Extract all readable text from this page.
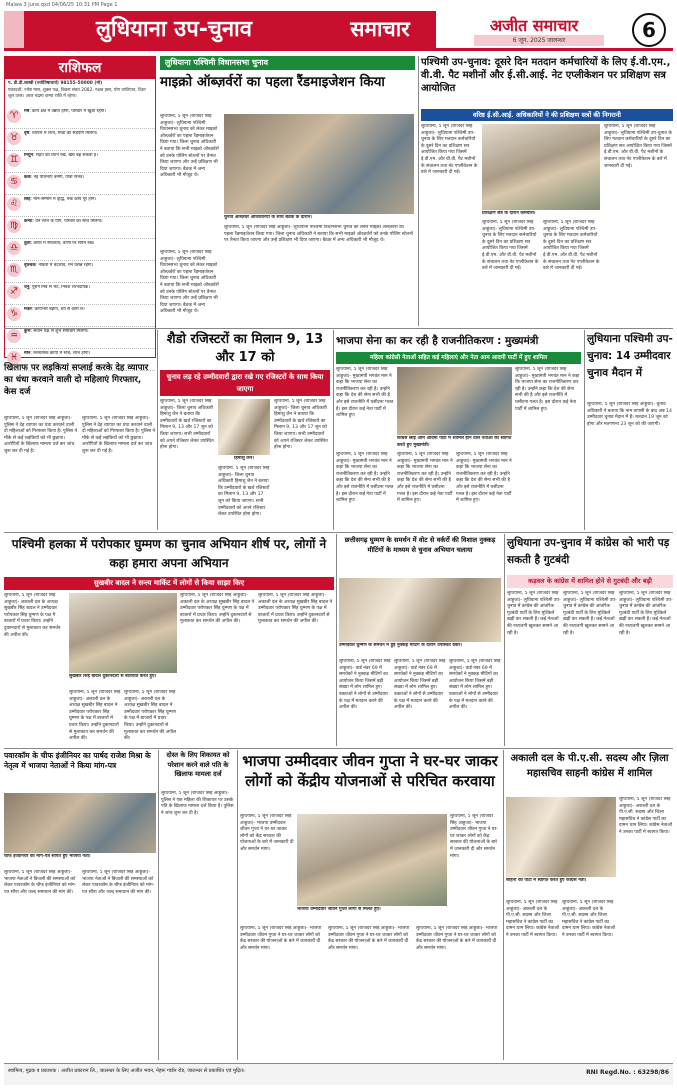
Malwa 3 June.qxd 04/06/25 10:31 PM Page 1
लुधियाना उप-चुनाव	समाचार	अजीत समाचार
6 जून, 2025 जालन्धर	6
राशिफल
प. डी.डी.शास्त्री (ज्योतिषाचार्य) 98155-50000 (मो)
एकादशी, ज्येष्ठ मास, शुक्ल पक्ष, विक्रम संवत 2082, नक्षत्र हस्त, योग व्यतिपात, दिशा शूल उत्तर। आज चंद्रमा कन्या राशि में रहेगा।
♈	मेष: कार्य क्षेत्र में उन्नति होगी, परिवार में खुशी रहेगी।
♉	वृष: व्यापार में लाभ, मित्रों का सहयोग मिलेगा।
♊	मिथुन: सेहत का ध्यान रखें, खर्च बढ़ सकता है।
♋	कर्क: नई योजनाएं बनेंगी, यात्रा संभव।
♌	सिंह: मान-सम्मान में वृद्धि, रुके कार्य पूरे होंगे।
♍	कन्या: धन लाभ के योग, परिवार का साथ मिलेगा।
♎	तुला: कार्यों में सफलता, वाणी पर संयम रखें।
♏	वृश्चिक: नौकरी में बदलाव, मन प्रसन्न रहेगा।
♐	धनु: पुराने मित्र से भेंट, निवेश लाभदायक।
♑	मकर: कार्यभार बढ़ेगा, धैर्य से काम लें।
♒	कुंभ: संतान पक्ष से शुभ समाचार मिलेगा।
♓	मीन: रचनात्मक कार्यों में रुचि, लाभ होगा।
लुधियाना पश्चिमी विधानसभा चुनाव
माइक्रो ऑब्ज़र्वरों का पहला रैंडमाइजेशन किया
लुधियाना, 5 जून (राजिंदर सिंह आहूजा)- लुधियाना पश्चिमी विधानसभा चुनाव को लेकर माइक्रो ऑब्ज़र्वरों का पहला रैंडमाइजेशन किया गया। जिला चुनाव अधिकारी ने बताया कि सभी माइक्रो ऑब्ज़र्वरों को उनके पोलिंग स्टेशनों पर तैनात किया जाएगा और उन्हें प्रशिक्षण भी दिया जाएगा। बैठक में अन्य अधिकारी भी मौजूद थे।
चुनाव ऑब्ज़र्वर अधिकारियों के साथ बैठक के दौरान।
लुधियाना, 5 जून (राजिंदर सिंह आहूजा)- लुधियाना पश्चिमी विधानसभा चुनाव को लेकर माइक्रो ऑब्ज़र्वरों का पहला रैंडमाइजेशन किया गया। जिला चुनाव अधिकारी ने बताया कि सभी माइक्रो ऑब्ज़र्वरों को उनके पोलिंग स्टेशनों पर तैनात किया जाएगा और उन्हें प्रशिक्षण भी दिया जाएगा। बैठक में अन्य अधिकारी भी मौजूद थे।
लुधियाना, 5 जून (राजिंदर सिंह आहूजा)- लुधियाना पश्चिमी विधानसभा चुनाव को लेकर माइक्रो ऑब्ज़र्वरों का पहला रैंडमाइजेशन किया गया। जिला चुनाव अधिकारी ने बताया कि सभी माइक्रो ऑब्ज़र्वरों को उनके पोलिंग स्टेशनों पर तैनात किया जाएगा और उन्हें प्रशिक्षण भी दिया जाएगा। बैठक में अन्य अधिकारी भी मौजूद थे।
पश्चिमी उप-चुनाव: दूसरे दिन मतदान कर्मचारियों के लिए ई.वी.एम., वी.वी. पैट मशीनों और ई.सी.आई. नेट एप्लीकेशन पर प्रशिक्षण सत्र आयोजित
वरिष्ठ ई.सी.आई. अधिकारियों ने की प्रशिक्षण सत्रों की निगरानी
लुधियाना, 5 जून (राजिंदर सिंह आहूजा)- लुधियाना पश्चिमी उप-चुनाव के लिए मतदान कर्मचारियों के दूसरे दिन का प्रशिक्षण सत्र आयोजित किया गया जिसमें ई.वी.एम. और वी.वी. पैट मशीनों के संचालन तथा नेट एप्लीकेशन के बारे में जानकारी दी गई।
प्रशिक्षण सत्र के दौरान कर्मचारी।
लुधियाना, 5 जून (राजिंदर सिंह आहूजा)- लुधियाना पश्चिमी उप-चुनाव के लिए मतदान कर्मचारियों के दूसरे दिन का प्रशिक्षण सत्र आयोजित किया गया जिसमें ई.वी.एम. और वी.वी. पैट मशीनों के संचालन तथा नेट एप्लीकेशन के बारे में जानकारी दी गई।
लुधियाना, 5 जून (राजिंदर सिंह आहूजा)- लुधियाना पश्चिमी उप-चुनाव के लिए मतदान कर्मचारियों के दूसरे दिन का प्रशिक्षण सत्र आयोजित किया गया जिसमें ई.वी.एम. और वी.वी. पैट मशीनों के संचालन तथा नेट एप्लीकेशन के बारे में जानकारी दी गई।
लुधियाना, 5 जून (राजिंदर सिंह आहूजा)- लुधियाना पश्चिमी उप-चुनाव के लिए मतदान कर्मचारियों के दूसरे दिन का प्रशिक्षण सत्र आयोजित किया गया जिसमें ई.वी.एम. और वी.वी. पैट मशीनों के संचालन तथा नेट एप्लीकेशन के बारे में जानकारी दी गई।
शैडो रजिस्टरों का मिलान 9, 13 और 17 को
चुनाव लड़ रहे उम्मीदवारों द्वारा रखे गए रजिस्टरों के साथ किया जाएगा
लुधियाना, 5 जून (राजिंदर सिंह आहूजा)- जिला चुनाव अधिकारी हिमांशु जैन ने बताया कि उम्मीदवारों के खर्च रजिस्टरों का मिलान 9, 13 और 17 जून को किया जाएगा। सभी उम्मीदवारों को अपने रजिस्टर लेकर उपस्थित होना होगा।
हिमांशु जैन।
लुधियाना, 5 जून (राजिंदर सिंह आहूजा)- जिला चुनाव अधिकारी हिमांशु जैन ने बताया कि उम्मीदवारों के खर्च रजिस्टरों का मिलान 9, 13 और 17 जून को किया जाएगा। सभी उम्मीदवारों को अपने रजिस्टर लेकर उपस्थित होना होगा।
लुधियाना, 5 जून (राजिंदर सिंह आहूजा)- जिला चुनाव अधिकारी हिमांशु जैन ने बताया कि उम्मीदवारों के खर्च रजिस्टरों का मिलान 9, 13 और 17 जून को किया जाएगा। सभी उम्मीदवारों को अपने रजिस्टर लेकर उपस्थित होना होगा।
खिलाफ पर लड़कियां सप्लाई करके देह व्यापार का धंधा करवाने वाली दो महिलाएं गिरफ्तार, केस दर्ज
लुधियाना, 5 जून (राजिंदर सिंह आहूजा)- पुलिस ने देह व्यापार का धंधा करवाने वाली दो महिलाओं को गिरफ्तार किया है। पुलिस ने मौके से कई लड़कियों को भी छुड़ाया। आरोपियों के खिलाफ मामला दर्ज कर जांच शुरू कर दी गई है।
लुधियाना, 5 जून (राजिंदर सिंह आहूजा)- पुलिस ने देह व्यापार का धंधा करवाने वाली दो महिलाओं को गिरफ्तार किया है। पुलिस ने मौके से कई लड़कियों को भी छुड़ाया। आरोपियों के खिलाफ मामला दर्ज कर जांच शुरू कर दी गई है।
भाजपा सेना का कर रही है राजनीतिकरण : मुख्यमंत्री
महिला कांग्रेसी नेताओं सहित कई महिलाएं और नेता आम आदमी पार्टी में हुए शामिल
लुधियाना, 5 जून (राजिंदर सिंह आहूजा)- मुख्यमंत्री भगवंत मान ने कहा कि भाजपा सेना का राजनीतिकरण कर रही है। उन्होंने कहा कि देश की सेना सभी की है और इसे राजनीति में घसीटना गलत है। इस दौरान कई नेता पार्टी में शामिल हुए।
कांग्रेस छोड़ आम आदमी पार्टी में शामिल होने वाले नेताओं का स्वागत करते हुए मुख्यमंत्री।
लुधियाना, 5 जून (राजिंदर सिंह आहूजा)- मुख्यमंत्री भगवंत मान ने कहा कि भाजपा सेना का राजनीतिकरण कर रही है। उन्होंने कहा कि देश की सेना सभी की है और इसे राजनीति में घसीटना गलत है। इस दौरान कई नेता पार्टी में शामिल हुए।
लुधियाना, 5 जून (राजिंदर सिंह आहूजा)- मुख्यमंत्री भगवंत मान ने कहा कि भाजपा सेना का राजनीतिकरण कर रही है। उन्होंने कहा कि देश की सेना सभी की है और इसे राजनीति में घसीटना गलत है। इस दौरान कई नेता पार्टी में शामिल हुए।
लुधियाना, 5 जून (राजिंदर सिंह आहूजा)- मुख्यमंत्री भगवंत मान ने कहा कि भाजपा सेना का राजनीतिकरण कर रही है। उन्होंने कहा कि देश की सेना सभी की है और इसे राजनीति में घसीटना गलत है। इस दौरान कई नेता पार्टी में शामिल हुए।
लुधियाना, 5 जून (राजिंदर सिंह आहूजा)- मुख्यमंत्री भगवंत मान ने कहा कि भाजपा सेना का राजनीतिकरण कर रही है। उन्होंने कहा कि देश की सेना सभी की है और इसे राजनीति में घसीटना गलत है। इस दौरान कई नेता पार्टी में शामिल हुए।
लुधियाना पश्चिमी उप-चुनाव: 14 उम्मीदवार चुनाव मैदान में
लुधियाना, 5 जून (राजिंदर सिंह आहूजा)- चुनाव अधिकारी ने बताया कि नाम वापसी के बाद अब 14 उम्मीदवार चुनाव मैदान में हैं। मतदान 19 जून को होगा और मतगणना 23 जून को की जाएगी।
पश्चिमी हलका में परोपकार घुम्मण का चुनाव अभियान शीर्ष पर, लोगों ने कहा हमारा अपना अभियान
सुखबीर बादल ने सन्त्य मार्किट में लोगों से किया साझा किए
लुधियाना, 5 जून (राजिंदर सिंह आहूजा)- अकाली दल के अध्यक्ष सुखबीर सिंह बादल ने उम्मीदवार परोपकार सिंह घुम्मण के पक्ष में बाजारों में प्रचार किया। उन्होंने दुकानदारों से मुलाकात कर समर्थन की अपील की।
सुखबीर सिंह बादल दुकानदारों से बातचीत करते हुए।
लुधियाना, 5 जून (राजिंदर सिंह आहूजा)- अकाली दल के अध्यक्ष सुखबीर सिंह बादल ने उम्मीदवार परोपकार सिंह घुम्मण के पक्ष में बाजारों में प्रचार किया। उन्होंने दुकानदारों से मुलाकात कर समर्थन की अपील की।
लुधियाना, 5 जून (राजिंदर सिंह आहूजा)- अकाली दल के अध्यक्ष सुखबीर सिंह बादल ने उम्मीदवार परोपकार सिंह घुम्मण के पक्ष में बाजारों में प्रचार किया। उन्होंने दुकानदारों से मुलाकात कर समर्थन की अपील की।
लुधियाना, 5 जून (राजिंदर सिंह आहूजा)- अकाली दल के अध्यक्ष सुखबीर सिंह बादल ने उम्मीदवार परोपकार सिंह घुम्मण के पक्ष में बाजारों में प्रचार किया। उन्होंने दुकानदारों से मुलाकात कर समर्थन की अपील की।
लुधियाना, 5 जून (राजिंदर सिंह आहूजा)- अकाली दल के अध्यक्ष सुखबीर सिंह बादल ने उम्मीदवार परोपकार सिंह घुम्मण के पक्ष में बाजारों में प्रचार किया। उन्होंने दुकानदारों से मुलाकात कर समर्थन की अपील की।
छत्तीसगढ़ घुम्मण के समर्थन में वोट से वर्करों की विशाल नुक्कड़ मीटिंगों के माध्यम से चुनाव अभियान चलाया
उम्मीदवार घुम्मण के समर्थन में हुई नुक्कड़ मीटिंग के दौरान उपस्थित वर्कर।
लुधियाना, 5 जून (राजिंदर सिंह आहूजा)- वार्ड नंबर 69 में समर्थकों ने नुक्कड़ मीटिंगों का आयोजन किया जिसमें बड़ी संख्या में लोग शामिल हुए। वक्ताओं ने लोगों से उम्मीदवार के पक्ष में मतदान करने की अपील की।
लुधियाना, 5 जून (राजिंदर सिंह आहूजा)- वार्ड नंबर 69 में समर्थकों ने नुक्कड़ मीटिंगों का आयोजन किया जिसमें बड़ी संख्या में लोग शामिल हुए। वक्ताओं ने लोगों से उम्मीदवार के पक्ष में मतदान करने की अपील की।
लुधियाना, 5 जून (राजिंदर सिंह आहूजा)- वार्ड नंबर 69 में समर्थकों ने नुक्कड़ मीटिंगों का आयोजन किया जिसमें बड़ी संख्या में लोग शामिल हुए। वक्ताओं ने लोगों से उम्मीदवार के पक्ष में मतदान करने की अपील की।
लुधियाना उप-चुनाव में कांग्रेस को भारी पड़ सकती है गुटबंदी
कड़वल के कांग्रेस में शामिल होने से गुटबंदी और बढ़ी
लुधियाना, 5 जून (राजिंदर सिंह आहूजा)- लुधियाना पश्चिमी उप-चुनाव में कांग्रेस की आंतरिक गुटबंदी पार्टी के लिए मुश्किलें खड़ी कर सकती है। कई नेताओं की नाराजगी खुलकर सामने आ रही है।
लुधियाना, 5 जून (राजिंदर सिंह आहूजा)- लुधियाना पश्चिमी उप-चुनाव में कांग्रेस की आंतरिक गुटबंदी पार्टी के लिए मुश्किलें खड़ी कर सकती है। कई नेताओं की नाराजगी खुलकर सामने आ रही है।
लुधियाना, 5 जून (राजिंदर सिंह आहूजा)- लुधियाना पश्चिमी उप-चुनाव में कांग्रेस की आंतरिक गुटबंदी पार्टी के लिए मुश्किलें खड़ी कर सकती है। कई नेताओं की नाराजगी खुलकर सामने आ रही है।
पवारकॉम के चीफ इंजीनियर का पार्षद राजेश मिश्रा के नेतृत्व में भाजपा नेताओं ने किया मांग-पत्र
चीफ इंजीनियर को मांग-पत्र सौंपते हुए भाजपा नेता।
लुधियाना, 5 जून (राजिंदर सिंह आहूजा)- भाजपा नेताओं ने बिजली की समस्याओं को लेकर पावरकॉम के चीफ इंजीनियर को मांग-पत्र सौंपा और जल्द समाधान की मांग की।
लुधियाना, 5 जून (राजिंदर सिंह आहूजा)- भाजपा नेताओं ने बिजली की समस्याओं को लेकर पावरकॉम के चीफ इंजीनियर को मांग-पत्र सौंपा और जल्द समाधान की मांग की।
दोस्त के लिए शिकायत को परेशान करने वाले पति के खिलाफ मामला दर्ज
लुधियाना, 5 जून (राजिंदर सिंह आहूजा)- पुलिस ने एक महिला की शिकायत पर उसके पति के खिलाफ मामला दर्ज किया है। पुलिस ने जांच शुरू कर दी है।
भाजपा उम्मीदवार जीवन गुप्ता ने घर-घर जाकर लोगों को केंद्रीय योजनाओं से परिचित करवाया
लुधियाना, 5 जून (राजिंदर सिंह आहूजा)- भाजपा उम्मीदवार जीवन गुप्ता ने घर-घर जाकर लोगों को केंद्र सरकार की योजनाओं के बारे में जानकारी दी और समर्थन मांगा।
भाजपा उम्मीदवार जीवन गुप्ता लोगों से मिलते हुए।
लुधियाना, 5 जून (राजिंदर सिंह आहूजा)- भाजपा उम्मीदवार जीवन गुप्ता ने घर-घर जाकर लोगों को केंद्र सरकार की योजनाओं के बारे में जानकारी दी और समर्थन मांगा।
लुधियाना, 5 जून (राजिंदर सिंह आहूजा)- भाजपा उम्मीदवार जीवन गुप्ता ने घर-घर जाकर लोगों को केंद्र सरकार की योजनाओं के बारे में जानकारी दी और समर्थन मांगा।
लुधियाना, 5 जून (राजिंदर सिंह आहूजा)- भाजपा उम्मीदवार जीवन गुप्ता ने घर-घर जाकर लोगों को केंद्र सरकार की योजनाओं के बारे में जानकारी दी और समर्थन मांगा।
लुधियाना, 5 जून (राजिंदर सिंह आहूजा)- भाजपा उम्मीदवार जीवन गुप्ता ने घर-घर जाकर लोगों को केंद्र सरकार की योजनाओं के बारे में जानकारी दी और समर्थन मांगा।
अकाली दल के पी.ए.सी. सदस्य और ज़िला महासचिव साहनी कांग्रेस में शामिल
साहनी का पार्टी में स्वागत करते हुए कांग्रेस नेता।
लुधियाना, 5 जून (राजिंदर सिंह आहूजा)- अकाली दल के पी.ए.सी. सदस्य और जिला महासचिव ने कांग्रेस पार्टी का दामन थाम लिया। कांग्रेस नेताओं ने उनका पार्टी में स्वागत किया।
लुधियाना, 5 जून (राजिंदर सिंह आहूजा)- अकाली दल के पी.ए.सी. सदस्य और जिला महासचिव ने कांग्रेस पार्टी का दामन थाम लिया। कांग्रेस नेताओं ने उनका पार्टी में स्वागत किया।
लुधियाना, 5 जून (राजिंदर सिंह आहूजा)- अकाली दल के पी.ए.सी. सदस्य और जिला महासचिव ने कांग्रेस पार्टी का दामन थाम लिया। कांग्रेस नेताओं ने उनका पार्टी में स्वागत किया।
स्वामित्व, मुद्रक व प्रकाशक : अजीत प्रकाशन लि., जालन्धर के लिए अजीत भवन, नेहरू गार्डन रोड, जालन्धर से प्रकाशित एवं मुद्रित।	RNI Regd.No. : 63298/86
